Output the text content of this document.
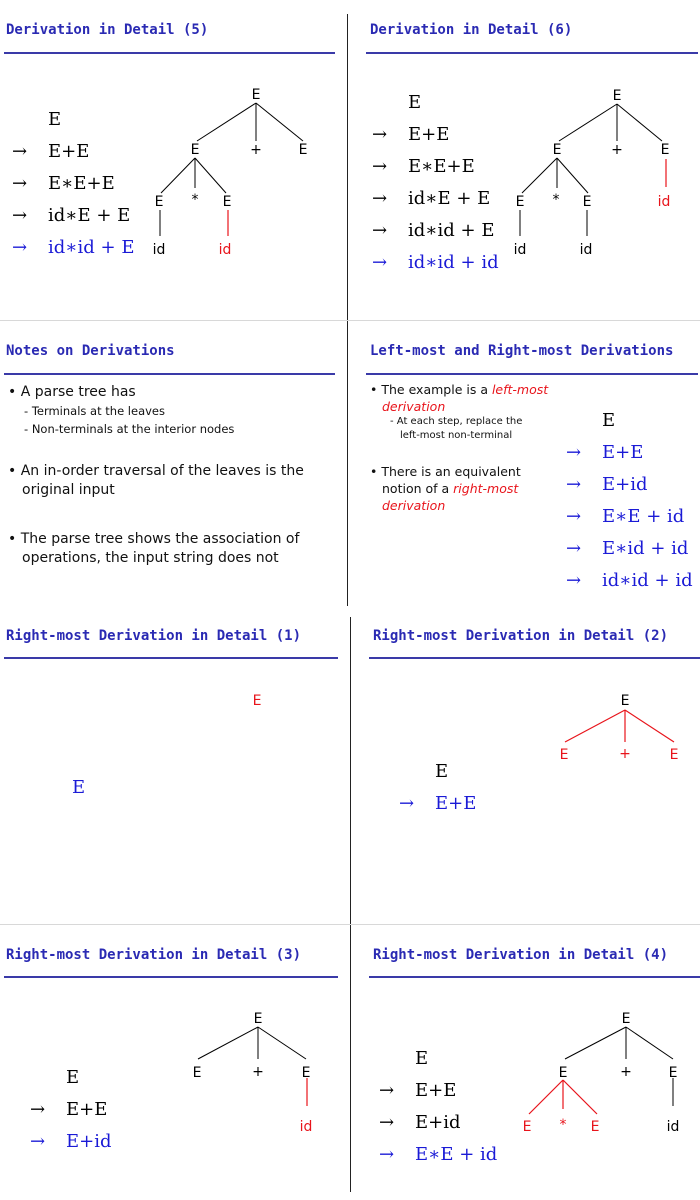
Derivation in Detail (5)
E
→ E+E
→ E∗E+E
→ id∗E + E
→ id∗id + E
E
E	+	E
E * E
id	id
Derivation in Detail (6)
E
→ E+E
→ E∗E+E
→ id∗E + E
→ id∗id + E
→ id∗id + id
E
E	+	E
E * E
id	id
id
Notes on Derivations
• A parse tree has
- Terminals at the leaves
- Non-terminals at the interior nodes
• An in-order traversal of the leaves is the
original input
• The parse tree shows the association of
operations, the input string does not
Left-most and Right-most Derivations
• The example is a left-most
derivation
- At each step, replace the
left-most non-terminal
• There is an equivalent
notion of a right-most
derivation
E
→ E+E
→ E+id
→ E∗E + id
→ E∗id + id
→ id∗id + id
Right-most Derivation in Detail (1)
E
E
Right-most Derivation in Detail (2)
E
E	+	E
E
→ E+E
Right-most Derivation in Detail (3)
E
E	+	E
id
E
→ E+E
→ E+id
Right-most Derivation in Detail (4)
E
E	+	E
E * E	id
E
→ E+E
→ E+id
→ E∗E + id
